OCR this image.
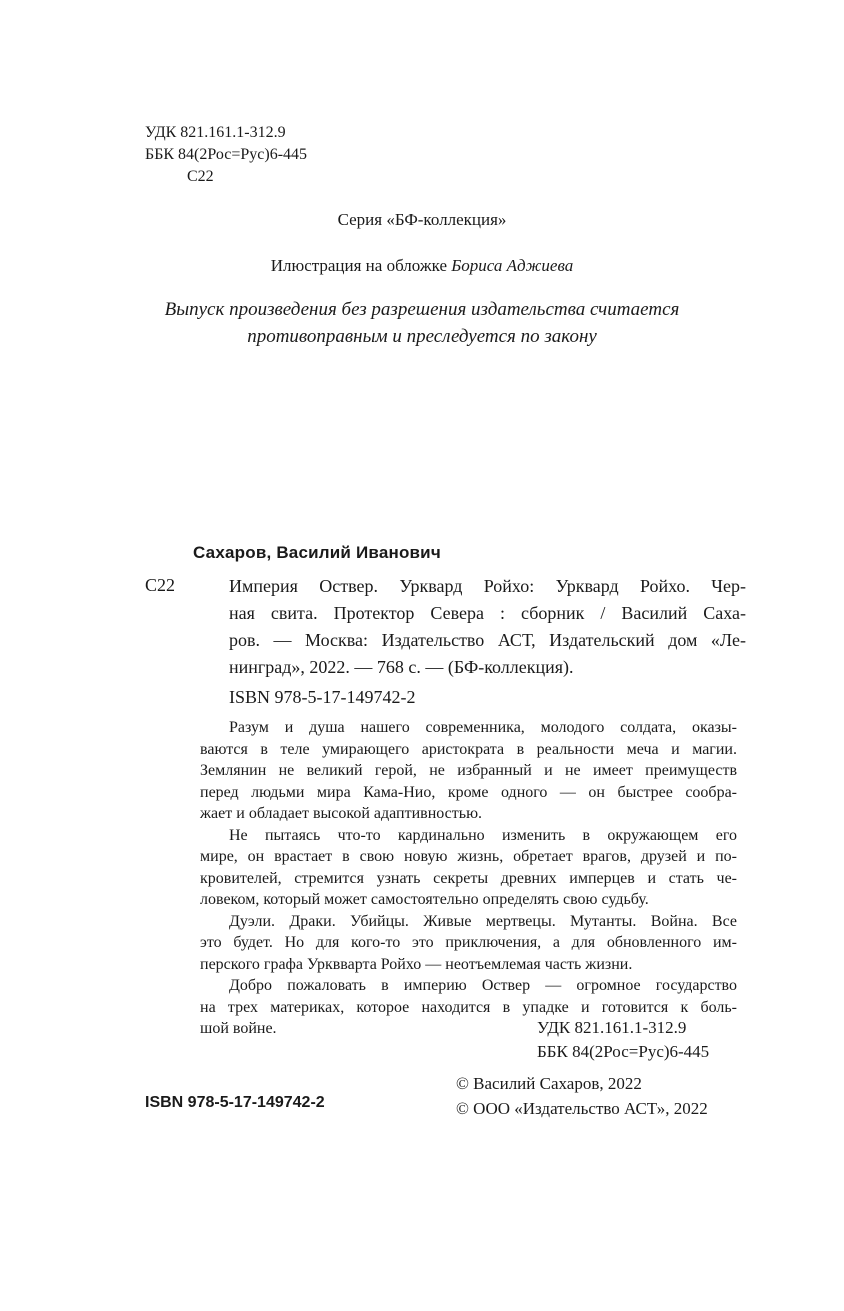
УДК 821.161.1-312.9
ББК 84(2Рос=Рус)6-445
С22
Серия «БФ-коллекция»
Илюстрация на обложке Бориса Аджиева
Выпуск произведения без разрешения издательства считается
противоправным и преследуется по закону
Сахаров, Василий Иванович
С22	Империя Оствер. Урквард Ройхо: Урквард Ройхо. Чер-
ная свита. Протектор Севера : сборник / Василий Саха-
ров. — Москва: Издательство АСТ, Издательский дом «Ле-
нинград», 2022. — 768 с. — (БФ-коллекция).
ISBN 978-5-17-149742-2
Разум и душа нашего современника, молодого солдата, оказы-
ваются в теле умирающего аристократа в реальности меча и магии.
Землянин не великий герой, не избранный и не имеет преимуществ
перед людьми мира Кама-Нио, кроме одного — он быстрее сообра-
жает и обладает высокой адаптивностью.
Не пытаясь что-то кардинально изменить в окружающем его
мире, он врастает в свою новую жизнь, обретает врагов, друзей и по-
кровителей, стремится узнать секреты древних имперцев и стать че-
ловеком, который может самостоятельно определять свою судьбу.
Дуэли. Драки. Убийцы. Живые мертвецы. Мутанты. Война. Все
это будет. Но для кого-то это приключения, а для обновленного им-
перского графа Урквварта Ройхо — неотъемлемая часть жизни.
Добро пожаловать в империю Оствер — огромное государство
на трех материках, которое находится в упадке и готовится к боль-
шой войне.	УДК 821.161.1-312.9
ББК 84(2Рос=Рус)6-445
© Василий Сахаров, 2022
© ООО «Издательство АСТ», 2022
ISBN 978-5-17-149742-2
